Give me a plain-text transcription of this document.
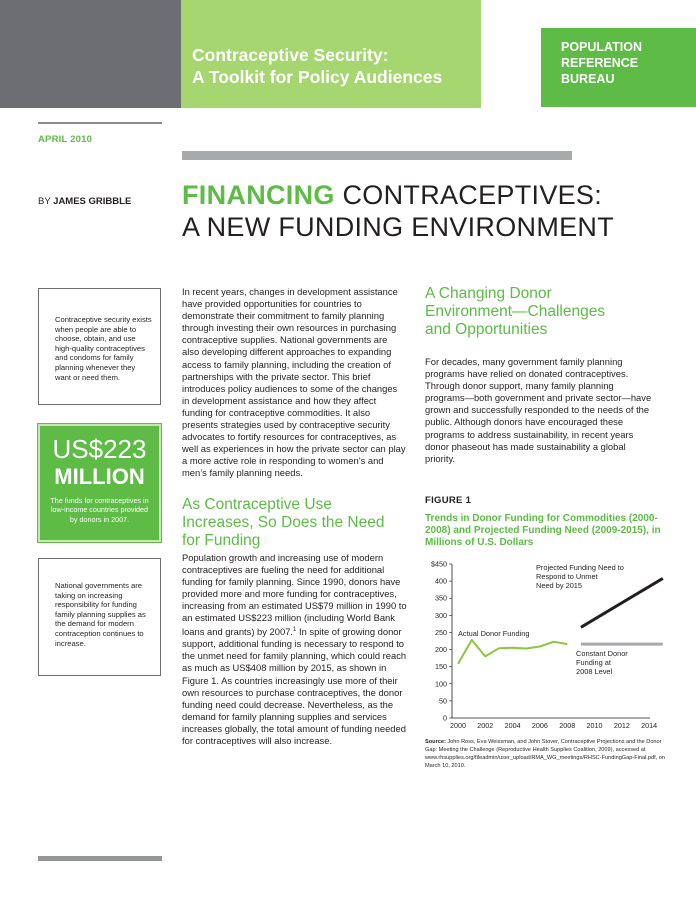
Contraceptive Security:
A Toolkit for Policy Audiences
POPULATION
REFERENCE
BUREAU
APRIL 2010
BY JAMES GRIBBLE FINANCING CONTRACEPTIVES:
A NEW FUNDING ENVIRONMENT

Contraceptive security exists when people are able to choose, obtain, and use high-quality contraceptives and condoms for family planning whenever they want or need them.

US$223
MILLION
The funds for contraceptives in low-income countries provided by donors in 2007.

National governments are taking on increasing responsibility for funding family planning supplies as the demand for modern contraception continues to increase.

In recent years, changes in development assistance have provided opportunities for countries to demonstrate their commitment to family planning through investing their own resources in purchasing contraceptive supplies. National governments are also developing different approaches to expanding access to family planning, including the creation of partnerships with the private sector. This brief introduces policy audiences to some of the changes in development assistance and how they affect funding for contraceptive commodities. It also presents strategies used by contraceptive security advocates to fortify resources for contraceptives, as well as experiences in how the private sector can play a more active role in responding to women’s and men’s family planning needs.

As Contraceptive Use
Increases, So Does the Need
for Funding

Population growth and increasing use of modern contraceptives are fueling the need for additional funding for family planning. Since 1990, donors have provided more and more funding for contraceptives, increasing from an estimated US$79 million in 1990 to an estimated US$223 million (including World Bank loans and grants) by 2007.$^1$ In spite of growing donor support, additional funding is necessary to respond to the unmet need for family planning, which could reach as much as US$408 million by 2015, as shown in Figure 1. As countries increasingly use more of their own resources to purchase contraceptives, the donor funding need could decrease. Nevertheless, as the demand for family planning supplies and services increases globally, the total amount of funding needed for contraceptives will also increase.

A Changing Donor
Environment—Challenges
and Opportunities

For decades, many government family planning programs have relied on donated contraceptives. Through donor support, many family planning programs—both government and private sector—have grown and successfully responded to the needs of the public. Although donors have encouraged these programs to address sustainability, in recent years donor phaseout has made sustainability a global priority.

FIGURE 1
Trends in Donor Funding for Commodities (2000-2008) and Projected Funding Need (2009-2015), in Millions of U.S. Dollars
$450
400
350
300
250
200
150
100
50
0
2000 2002 2004 2006 2008 2010 2012 2014
Projected Funding Need to Respond to Unmet Need by 2015
Actual Donor Funding
Constant Donor Funding at 2008 Level
Source: John Ross, Eva Weissman, and John Stover, Contraceptive Projections and the Donor Gap: Meeting the Challenge (Reproductive Health Supplies Coalition, 2009), accessed at www.rhsupplies.org/fileadmin/user_upload/RMA_WG_meetings/RHSC-FundingGap-Final.pdf, on March 10, 2010.
